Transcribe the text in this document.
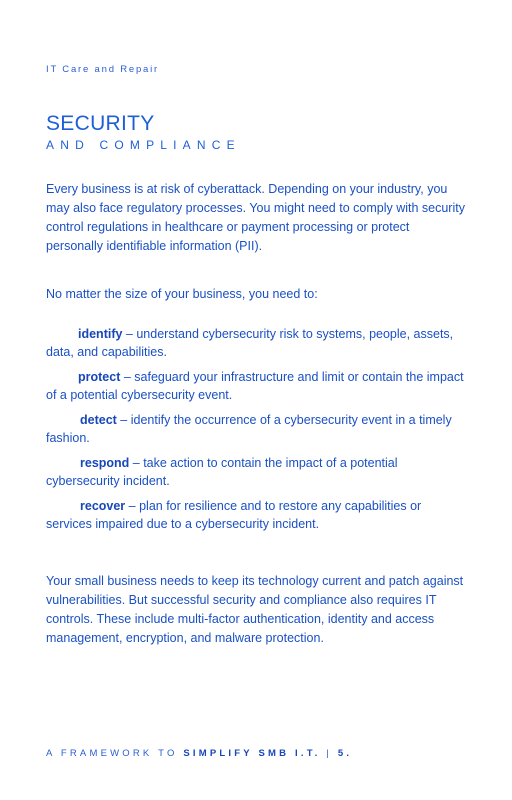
IT Care and Repair
SECURITY
AND COMPLIANCE

Every business is at risk of cyberattack. Depending on your industry, you may also face regulatory processes. You might need to comply with security control regulations in healthcare or payment processing or protect personally identifiable information (PII).

No matter the size of your business, you need to:

identify – understand cybersecurity risk to systems, people, assets, data, and capabilities.

protect – safeguard your infrastructure and limit or contain the impact of a potential cybersecurity event.

detect – identify the occurrence of a cybersecurity event in a timely fashion.

respond – take action to contain the impact of a potential cybersecurity incident.

recover – plan for resilience and to restore any capabilities or services impaired due to a cybersecurity incident.

Your small business needs to keep its technology current and patch against vulnerabilities. But successful security and compliance also requires IT controls. These include multi-factor authentication, identity and access management, encryption, and malware protection.

A FRAMEWORK TO SIMPLIFY SMB I.T. | 5.
